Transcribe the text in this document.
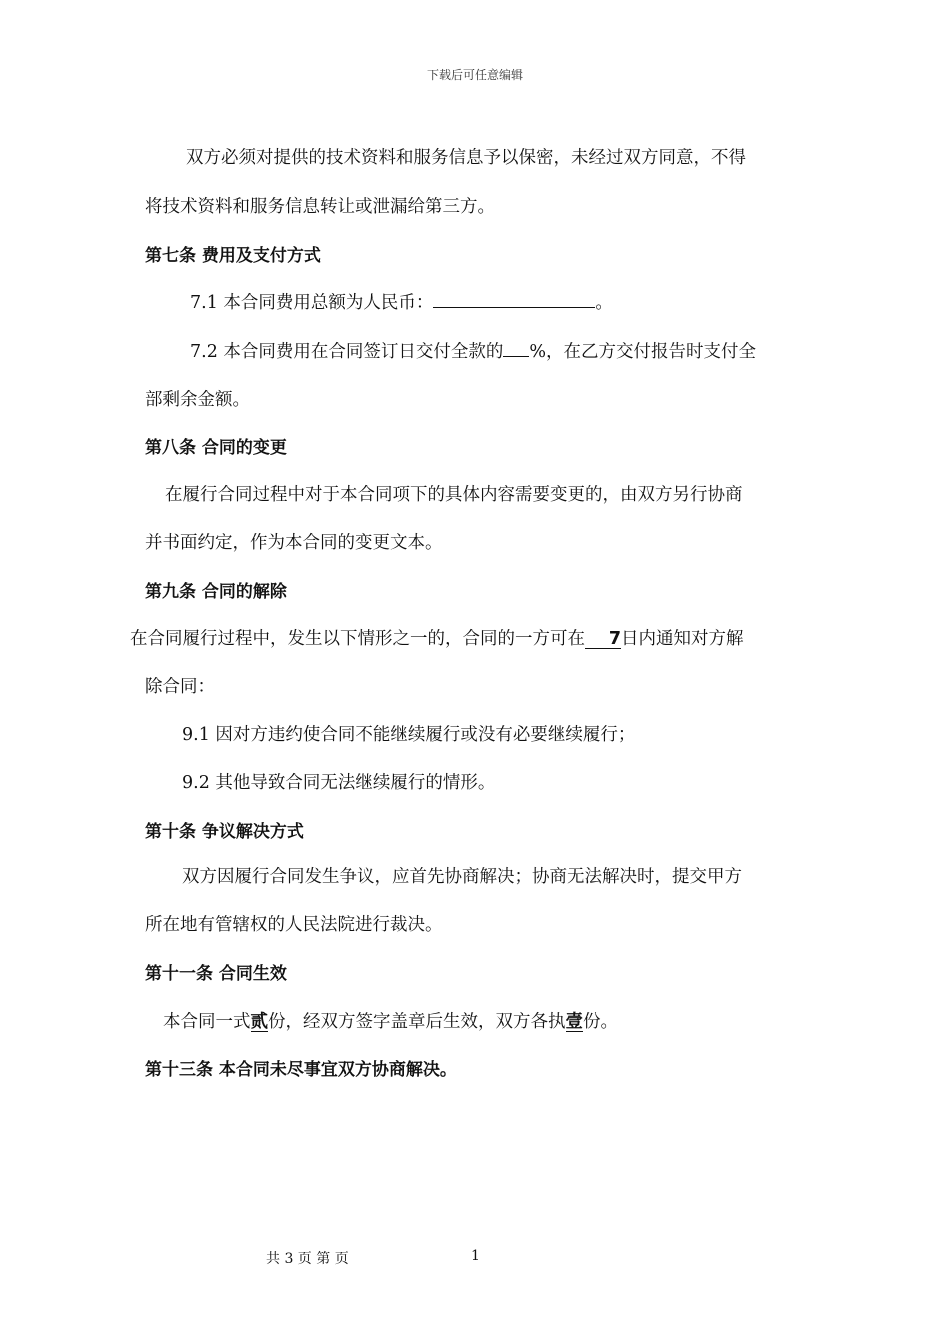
下载后可任意编辑
双方必须对提供的技术资料和服务信息予以保密，未经过双方同意，不得
将技术资料和服务信息转让或泄漏给第三方。
第七条 费用及支付方式
7.1 本合同费用总额为人民币：	。
7.2 本合同费用在合同签订日交付全款的 %，在乙方交付报告时支付全
部剩余金额。
第八条 合同的变更
在履行合同过程中对于本合同项下的具体内容需要变更的，由双方另行协商
并书面约定，作为本合同的变更文本。
第九条 合同的解除
在合同履行过程中，发生以下情形之一的，合同的一方可在 7日内通知对方解
除合同：
9.1 因对方违约使合同不能继续履行或没有必要继续履行；
9.2 其他导致合同无法继续履行的情形。
第十条 争议解决方式
双方因履行合同发生争议，应首先协商解决；协商无法解决时，提交甲方
所在地有管辖权的人民法院进行裁决。
第十一条 合同生效
本合同一式贰份，经双方签字盖章后生效，双方各执壹份。
第十三条 本合同未尽事宜双方协商解决。
共 3 页 第 页	1
